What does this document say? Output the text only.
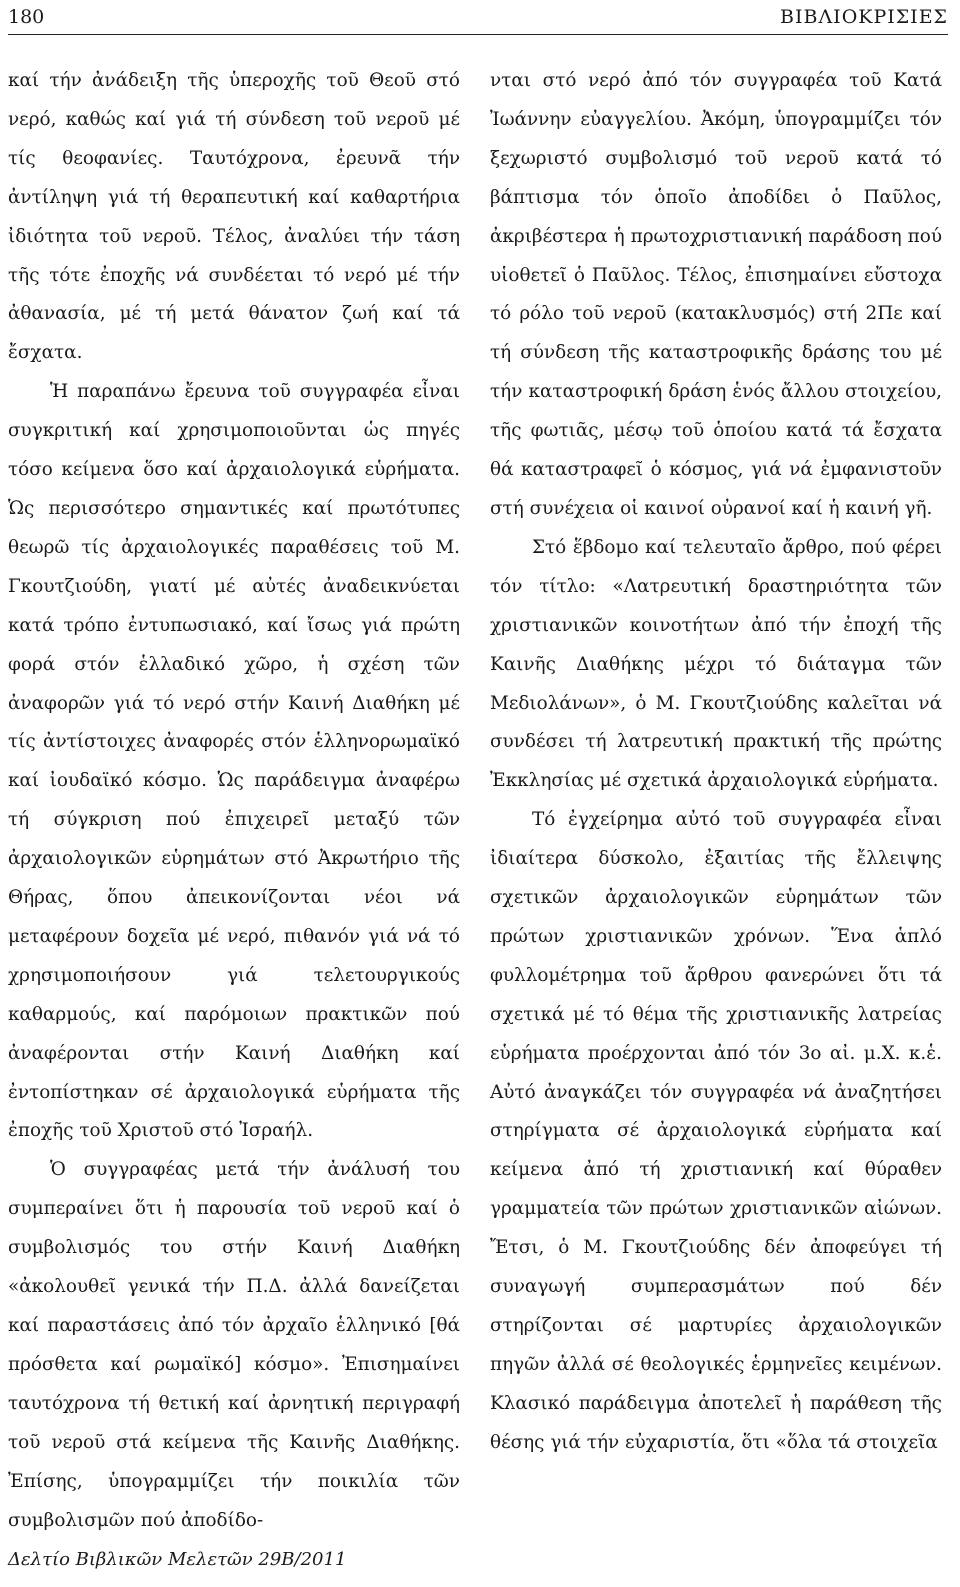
180	ΒΙΒΛΙΟΚΡΙΣΙΕΣ

καί τήν ἀνάδειξη τῆς ὑπεροχῆς τοῦ Θεοῦ στό νερό, καθώς καί γιά τή σύνδεση τοῦ νεροῦ μέ τίς θεοφανίες. Ταυτόχρονα, ἐρευνᾶ τήν ἀντίληψη γιά τή θεραπευτική καί καθαρτήρια ἰδιότητα τοῦ νεροῦ. Τέλος, ἀναλύει τήν τάση τῆς τότε ἐποχῆς νά συνδέεται τό νερό μέ τήν ἀθανασία, μέ τή μετά θάνατον ζωή καί τά ἔσχατα.

Ἡ παραπάνω ἔρευνα τοῦ συγγραφέα εἶναι συγκριτική καί χρησιμοποιοῦνται ὡς πηγές τόσο κείμενα ὅσο καί ἀρχαιολογικά εὑρήματα. Ὡς περισσότερο σημαντικές καί πρωτότυπες θεωρῶ τίς ἀρχαιολογικές παραθέσεις τοῦ Μ. Γκουτζιούδη, γιατί μέ αὐτές ἀναδεικνύεται κατά τρόπο ἐντυπωσιακό, καί ἴσως γιά πρώτη φορά στόν ἑλλαδικό χῶρο, ἡ σχέση τῶν ἀναφορῶν γιά τό νερό στήν Καινή Διαθήκη μέ τίς ἀντίστοιχες ἀναφορές στόν ἑλληνορωμαϊκό καί ἰουδαϊκό κόσμο. Ὡς παράδειγμα ἀναφέρω τή σύγκριση πού ἐπιχειρεῖ μεταξύ τῶν ἀρχαιολογικῶν εὑρημάτων στό Ἀκρωτήριο τῆς Θήρας, ὅπου ἀπεικονίζονται νέοι νά μεταφέρουν δοχεῖα μέ νερό, πιθανόν γιά νά τό χρησιμοποιήσουν γιά τελετουργικούς καθαρμούς, καί παρόμοιων πρακτικῶν πού ἀναφέρονται στήν Καινή Διαθήκη καί ἐντοπίστηκαν σέ ἀρχαιολογικά εὑρήματα τῆς ἐποχῆς τοῦ Χριστοῦ στό Ἰσραήλ.

Ὁ συγγραφέας μετά τήν ἀνάλυσή του συμπεραίνει ὅτι ἡ παρουσία τοῦ νεροῦ καί ὁ συμβολισμός του στήν Καινή Διαθήκη «ἀκολουθεῖ γενικά τήν Π.Δ. ἀλλά δανείζεται καί παραστάσεις ἀπό τόν ἀρχαῖο ἑλληνικό [θά πρόσθετα καί ρωμαϊκό] κόσμο». Ἐπισημαίνει ταυτόχρονα τή θετική καί ἀρνητική περιγραφή τοῦ νεροῦ στά κείμενα τῆς Καινῆς Διαθήκης. Ἐπίσης, ὑπογραμμίζει τήν ποικιλία τῶν συμβολισμῶν πού ἀποδίδο-

νται στό νερό ἀπό τόν συγγραφέα τοῦ Κατά Ἰωάννην εὐαγγελίου. Ἀκόμη, ὑπογραμμίζει τόν ξεχωριστό συμβολισμό τοῦ νεροῦ κατά τό βάπτισμα τόν ὁποῖο ἀποδίδει ὁ Παῦλος, ἀκριβέστερα ἡ πρωτοχριστιανική παράδοση πού υἱοθετεῖ ὁ Παῦλος. Τέλος, ἐπισημαίνει εὔστοχα τό ρόλο τοῦ νεροῦ (κατακλυσμός) στή 2Πε καί τή σύνδεση τῆς καταστροφικῆς δράσης του μέ τήν καταστροφική δράση ἑνός ἄλλου στοιχείου, τῆς φωτιᾶς, μέσῳ τοῦ ὁποίου κατά τά ἔσχατα θά καταστραφεῖ ὁ κόσμος, γιά νά ἐμφανιστοῦν στή συνέχεια οἱ καινοί οὐρανοί καί ἡ καινή γῆ.

Στό ἕβδομο καί τελευταῖο ἄρθρο, πού φέρει τόν τίτλο: «Λατρευτική δραστηριότητα τῶν χριστιανικῶν κοινοτήτων ἀπό τήν ἐποχή τῆς Καινῆς Διαθήκης μέχρι τό διάταγμα τῶν Μεδιολάνων», ὁ Μ. Γκουτζιούδης καλεῖται νά συνδέσει τή λατρευτική πρακτική τῆς πρώτης Ἐκκλησίας μέ σχετικά ἀρχαιολογικά εὑρήματα.

Τό ἐγχείρημα αὐτό τοῦ συγγραφέα εἶναι ἰδιαίτερα δύσκολο, ἐξαιτίας τῆς ἔλλειψης σχετικῶν ἀρχαιολογικῶν εὑρημάτων τῶν πρώτων χριστιανικῶν χρόνων. Ἕνα ἁπλό φυλλομέτρημα τοῦ ἄρθρου φανερώνει ὅτι τά σχετικά μέ τό θέμα τῆς χριστιανικῆς λατρείας εὑρήματα προέρχονται ἀπό τόν 3ο αἰ. μ.Χ. κ.ἑ. Αὐτό ἀναγκάζει τόν συγγραφέα νά ἀναζητήσει στηρίγματα σέ ἀρχαιολογικά εὑρήματα καί κείμενα ἀπό τή χριστιανική καί θύραθεν γραμματεία τῶν πρώτων χριστιανικῶν αἰώνων. Ἔτσι, ὁ Μ. Γκουτζιούδης δέν ἀποφεύγει τή συναγωγή συμπερασμάτων πού δέν στηρίζονται σέ μαρτυρίες ἀρχαιολογικῶν πηγῶν ἀλλά σέ θεολογικές ἑρμηνεῖες κειμένων. Κλασικό παράδειγμα ἀποτελεῖ ἡ παράθεση τῆς θέσης γιά τήν εὐχαριστία, ὅτι «ὅλα τά στοιχεῖα

Δελτίο Βιβλικῶν Μελετῶν 29Β/2011
